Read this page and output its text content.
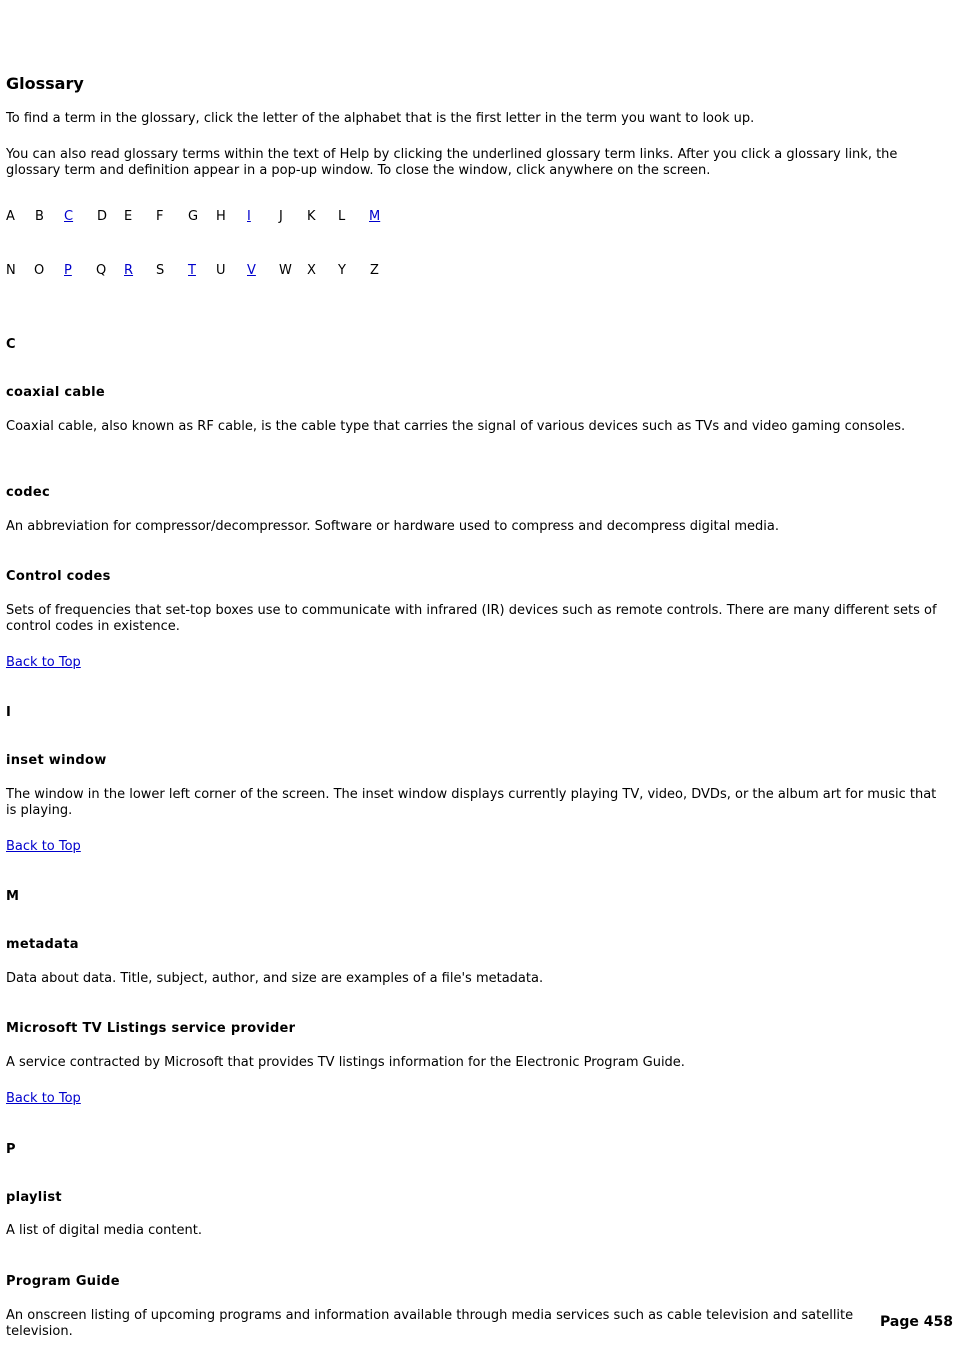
Glossary

To find a term in the glossary, click the letter of the alphabet that is the first letter in the term you want to look up.

You can also read glossary terms within the text of Help by clicking the underlined glossary term links. After you click a glossary link, the glossary term and definition appear in a pop-up window. To close the window, click anywhere on the screen.

A B C D E F G H I J K L M
N O P Q R S T U V W X Y Z

C

coaxial cable

Coaxial cable, also known as RF cable, is the cable type that carries the signal of various devices such as TVs and video gaming consoles.

codec

An abbreviation for compressor/decompressor. Software or hardware used to compress and decompress digital media.

Control codes

Sets of frequencies that set-top boxes use to communicate with infrared (IR) devices such as remote controls. There are many different sets of control codes in existence.

Back to Top

I

inset window

The window in the lower left corner of the screen. The inset window displays currently playing TV, video, DVDs, or the album art for music that is playing.

Back to Top

M

metadata

Data about data. Title, subject, author, and size are examples of a file's metadata.

Microsoft TV Listings service provider

A service contracted by Microsoft that provides TV listings information for the Electronic Program Guide.

Back to Top

P

playlist

A list of digital media content.

Program Guide

An onscreen listing of upcoming programs and information available through media services such as cable television and satellite television.

Page 458
